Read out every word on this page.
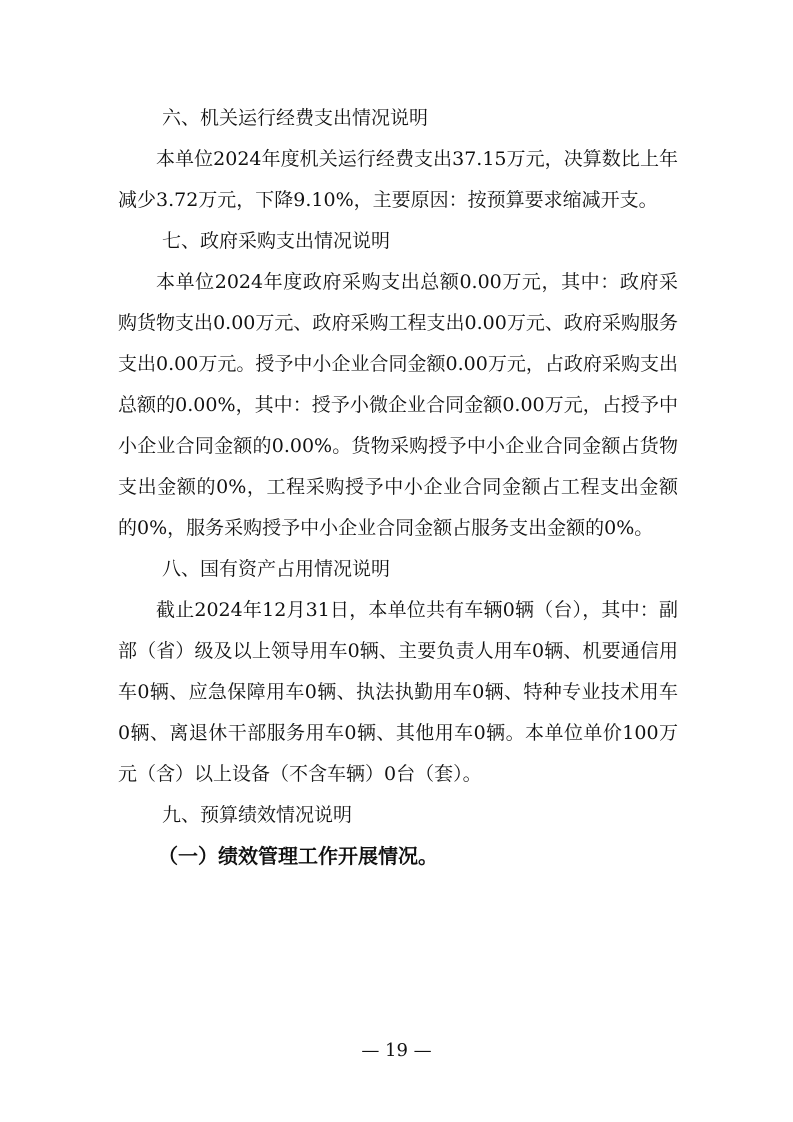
六、机关运行经费支出情况说明

本单位2024年度机关运行经费支出37.15万元，决算数比上年减少3.72万元，下降9.10%，主要原因：按预算要求缩减开支。

七、政府采购支出情况说明

本单位2024年度政府采购支出总额0.00万元，其中：政府采购货物支出0.00万元、政府采购工程支出0.00万元、政府采购服务支出0.00万元。授予中小企业合同金额0.00万元，占政府采购支出总额的0.00%，其中：授予小微企业合同金额0.00万元，占授予中小企业合同金额的0.00%。货物采购授予中小企业合同金额占货物支出金额的0%，工程采购授予中小企业合同金额占工程支出金额的0%，服务采购授予中小企业合同金额占服务支出金额的0%。

八、国有资产占用情况说明

截止2024年12月31日，本单位共有车辆0辆（台），其中：副部（省）级及以上领导用车0辆、主要负责人用车0辆、机要通信用车0辆、应急保障用车0辆、执法执勤用车0辆、特种专业技术用车0辆、离退休干部服务用车0辆、其他用车0辆。本单位单价100万元（含）以上设备（不含车辆）0台（套）。

九、预算绩效情况说明

（一）绩效管理工作开展情况。

— 19 —
